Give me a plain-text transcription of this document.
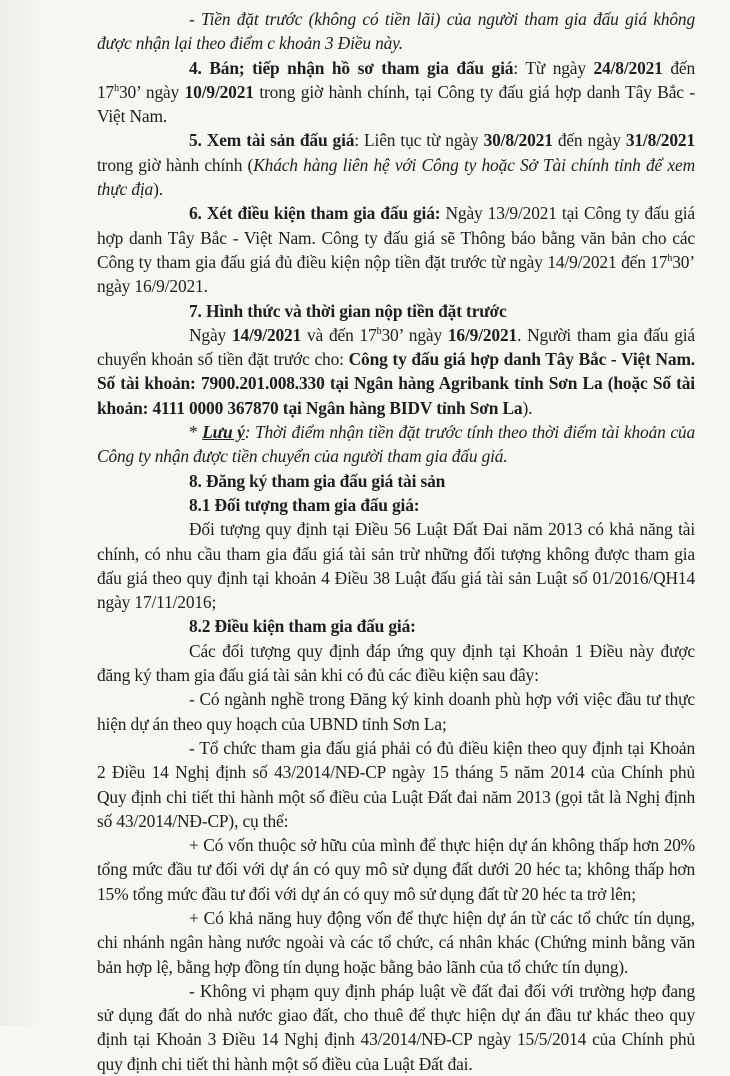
- Tiền đặt trước (không có tiền lãi) của người tham gia đấu giá không được nhận lại theo điểm c khoản 3 Điều này.

4. Bán; tiếp nhận hồ sơ tham gia đấu giá: Từ ngày 24/8/2021 đến 17$^h$30’ ngày 10/9/2021 trong giờ hành chính, tại Công ty đấu giá hợp danh Tây Bắc - Việt Nam.

5. Xem tài sản đấu giá: Liên tục từ ngày 30/8/2021 đến ngày 31/8/2021 trong giờ hành chính (Khách hàng liên hệ với Công ty hoặc Sở Tài chính tỉnh để xem thực địa).

6. Xét điều kiện tham gia đấu giá: Ngày 13/9/2021 tại Công ty đấu giá hợp danh Tây Bắc - Việt Nam. Công ty đấu giá sẽ Thông báo bằng văn bản cho các Công ty tham gia đấu giá đủ điều kiện nộp tiền đặt trước từ ngày 14/9/2021 đến 17$^h$30’ ngày 16/9/2021.

7. Hình thức và thời gian nộp tiền đặt trước

Ngày 14/9/2021 và đến 17$^h$30’ ngày 16/9/2021. Người tham gia đấu giá chuyển khoản số tiền đặt trước cho: Công ty đấu giá hợp danh Tây Bắc - Việt Nam. Số tài khoản: 7900.201.008.330 tại Ngân hàng Agribank tỉnh Sơn La (hoặc Số tài khoản: 4111 0000 367870 tại Ngân hàng BIDV tỉnh Sơn La).

* Lưu ý: Thời điểm nhận tiền đặt trước tính theo thời điểm tài khoản của Công ty nhận được tiền chuyển của người tham gia đấu giá.

8. Đăng ký tham gia đấu giá tài sản

8.1 Đối tượng tham gia đấu giá:

Đối tượng quy định tại Điều 56 Luật Đất Đai năm 2013 có khả năng tài chính, có nhu cầu tham gia đấu giá tài sản trừ những đối tượng không được tham gia đấu giá theo quy định tại khoản 4 Điều 38 Luật đấu giá tài sản Luật số 01/2016/QH14 ngày 17/11/2016;

8.2 Điều kiện tham gia đấu giá:

Các đối tượng quy định đáp ứng quy định tại Khoản 1 Điều này được đăng ký tham gia đấu giá tài sản khi có đủ các điều kiện sau đây:

- Có ngành nghề trong Đăng ký kinh doanh phù hợp với việc đầu tư thực hiện dự án theo quy hoạch của UBND tỉnh Sơn La;

- Tổ chức tham gia đấu giá phải có đủ điều kiện theo quy định tại Khoản 2 Điều 14 Nghị định số 43/2014/NĐ-CP ngày 15 tháng 5 năm 2014 của Chính phủ Quy định chi tiết thi hành một số điều của Luật Đất đai năm 2013 (gọi tắt là Nghị định số 43/2014/NĐ-CP), cụ thể:

+ Có vốn thuộc sở hữu của mình để thực hiện dự án không thấp hơn 20% tổng mức đầu tư đối với dự án có quy mô sử dụng đất dưới 20 héc ta; không thấp hơn 15% tổng mức đầu tư đối với dự án có quy mô sử dụng đất từ 20 héc ta trở lên;

+ Có khả năng huy động vốn để thực hiện dự án từ các tổ chức tín dụng, chi nhánh ngân hàng nước ngoài và các tổ chức, cá nhân khác (Chứng minh bằng văn bản hợp lệ, bằng hợp đồng tín dụng hoặc bằng bảo lãnh của tổ chức tín dụng).

- Không vi phạm quy định pháp luật về đất đai đối với trường hợp đang sử dụng đất do nhà nước giao đất, cho thuê để thực hiện dự án đầu tư khác theo quy định tại Khoản 3 Điều 14 Nghị định 43/2014/NĐ-CP ngày 15/5/2014 của Chính phủ quy định chi tiết thi hành một số điều của Luật Đất đai.
